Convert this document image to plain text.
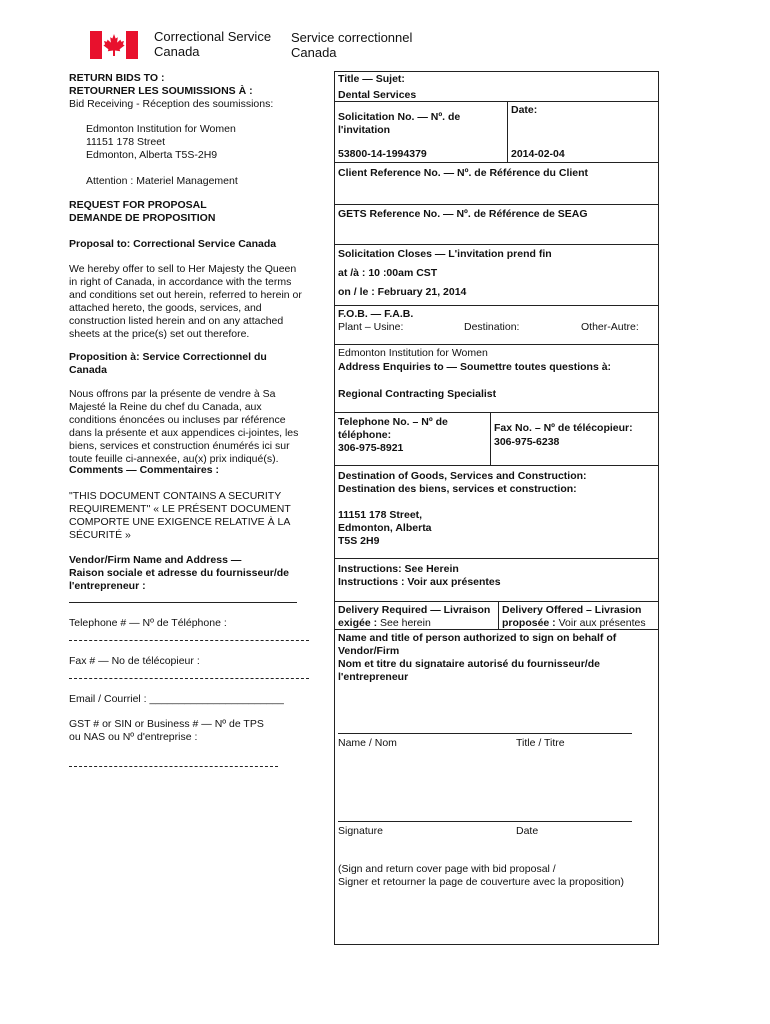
Correctional Service
Canada
Service correctionnel
Canada
RETURN BIDS TO :
RETOURNER LES SOUMISSIONS À :
Bid Receiving - Réception des soumissions:
Edmonton Institution for Women
11151 178 Street
Edmonton, Alberta T5S-2H9
Attention : Materiel Management
REQUEST FOR PROPOSAL
DEMANDE DE PROPOSITION
Proposal to: Correctional Service Canada
We hereby offer to sell to Her Majesty the Queen
in right of Canada, in accordance with the terms
and conditions set out herein, referred to herein or
attached hereto, the goods, services, and
construction listed herein and on any attached
sheets at the price(s) set out therefore.
Proposition à: Service Correctionnel du
Canada
Nous offrons par la présente de vendre à Sa
Majesté la Reine du chef du Canada, aux
conditions énoncées ou incluses par référence
dans la présente et aux appendices ci-jointes, les
biens, services et construction énumérés ici sur
toute feuille ci-annexée, au(x) prix indiqué(s).
Comments — Commentaires :
"THIS DOCUMENT CONTAINS A SECURITY
REQUIREMENT" « LE PRÉSENT DOCUMENT
COMPORTE UNE EXIGENCE RELATIVE À LA
SÉCURITÉ »
Vendor/Firm Name and Address —
Raison sociale et adresse du fournisseur/de
l'entrepreneur :
Telephone # — Nº de Téléphone :
Fax # — No de télécopieur :
Email / Courriel : _______________________
GST # or SIN or Business # — Nº de TPS
ou NAS ou Nº d'entreprise :
Title — Sujet:
Dental Services
Solicitation No. — Nº. de
l'invitation
Date:
53800-14-1994379	2014-02-04
Client Reference No. — Nº. de Référence du Client
GETS Reference No. — Nº. de Référence de SEAG
Solicitation Closes — L'invitation prend fin
at /à : 10 :00am CST
on / le : February 21, 2014
F.O.B. — F.A.B.
Plant – Usine:	Destination:	Other-Autre:
Edmonton Institution for Women
Address Enquiries to — Soumettre toutes questions à:
Regional Contracting Specialist
Telephone No. – Nº de
téléphone:
306-975-8921
Fax No. – Nº de télécopieur:
306-975-6238
Destination of Goods, Services and Construction:
Destination des biens, services et construction:
11151 178 Street,
Edmonton, Alberta
T5S 2H9
Instructions: See Herein
Instructions : Voir aux présentes
Delivery Required — Livraison
exigée : See herein
Delivery Offered – Livrasion
proposée : Voir aux présentes
Name and title of person authorized to sign on behalf of
Vendor/Firm
Nom et titre du signataire autorisé du fournisseur/de
l'entrepreneur
Name / Nom	Title / Titre
Signature	Date
(Sign and return cover page with bid proposal /
Signer et retourner la page de couverture avec la proposition)
